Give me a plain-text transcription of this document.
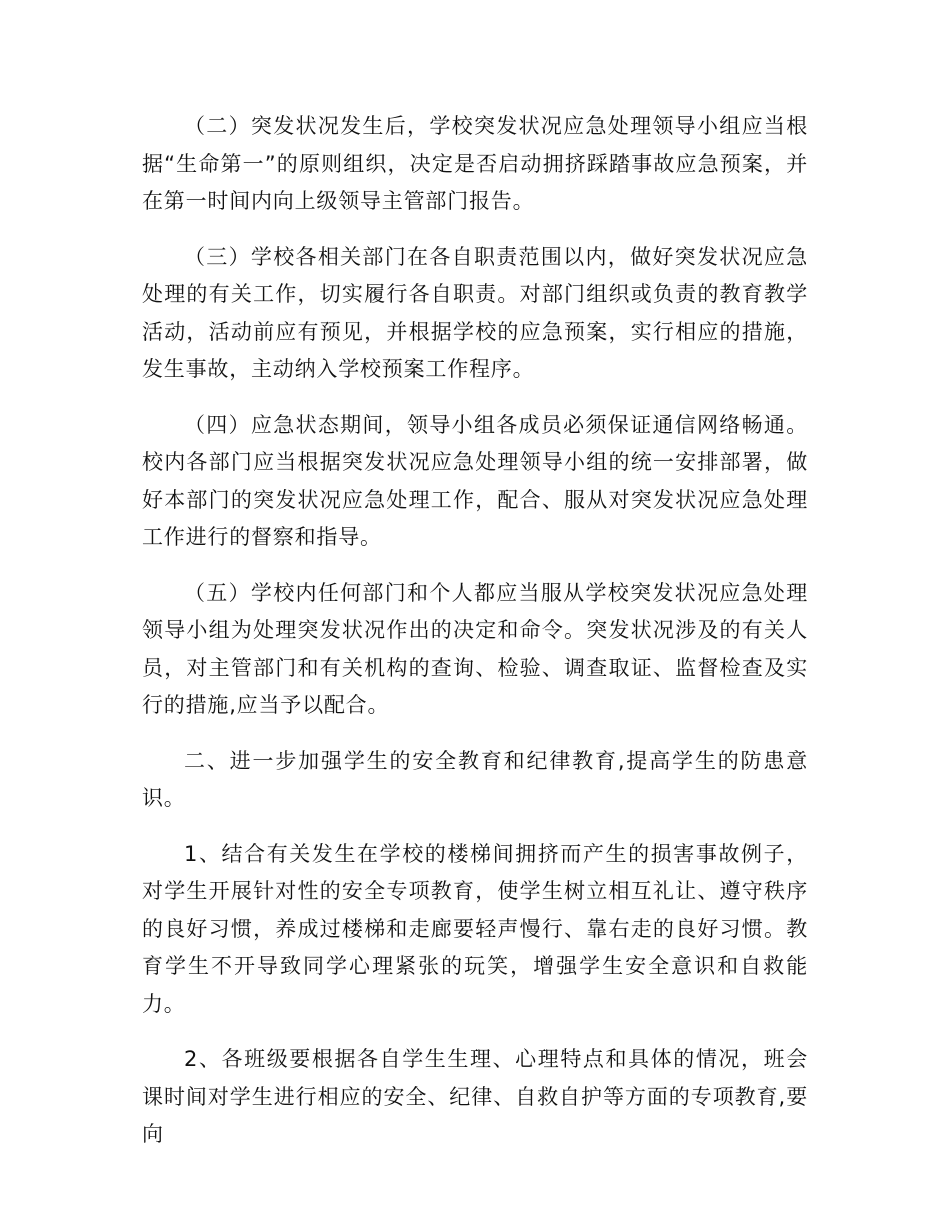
（二）突发状况发生后，学校突发状况应急处理领导小组应当根据“生命第一”的原则组织，决定是否启动拥挤踩踏事故应急预案，并在第一时间内向上级领导主管部门报告。

（三）学校各相关部门在各自职责范围以内，做好突发状况应急处理的有关工作，切实履行各自职责。对部门组织或负责的教育教学活动，活动前应有预见，并根据学校的应急预案，实行相应的措施，发生事故，主动纳入学校预案工作程序。

（四）应急状态期间，领导小组各成员必须保证通信网络畅通。校内各部门应当根据突发状况应急处理领导小组的统一安排部署，做好本部门的突发状况应急处理工作，配合、服从对突发状况应急处理工作进行的督察和指导。

（五）学校内任何部门和个人都应当服从学校突发状况应急处理领导小组为处理突发状况作出的决定和命令。突发状况涉及的有关人员，对主管部门和有关机构的查询、检验、调查取证、监督检查及实行的措施,应当予以配合。

二、进一步加强学生的安全教育和纪律教育,提高学生的防患意识。

1、结合有关发生在学校的楼梯间拥挤而产生的损害事故例子，对学生开展针对性的安全专项教育，使学生树立相互礼让、遵守秩序的良好习惯，养成过楼梯和走廊要轻声慢行、靠右走的良好习惯。教育学生不开导致同学心理紧张的玩笑，增强学生安全意识和自救能力。

2、各班级要根据各自学生生理、心理特点和具体的情况，班会课时间对学生进行相应的安全、纪律、自救自护等方面的专项教育,要向
